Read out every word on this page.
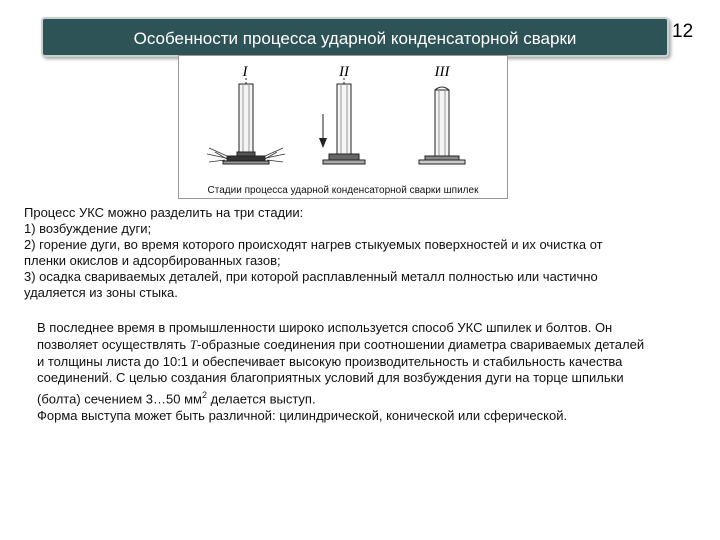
Особенности процесса ударной конденсаторной сварки	12
I	II	III
Стадии процесса ударной конденсаторной сварки шпилек
Процесс УКС можно разделить на три стадии:
1) возбуждение дуги;
2) горение дуги, во время которого происходят нагрев стыкуемых поверхностей и их очистка от
пленки окислов и адсорбированных газов;
3) осадка свариваемых деталей, при которой расплавленный металл полностью или частично
удаляется из зоны стыка.
В последнее время в промышленности широко используется способ УКС шпилек и болтов. Он
позволяет осуществлять Т-образные соединения при соотношении диаметра свариваемых деталей
и толщины листа до 10:1 и обеспечивает высокую производительность и стабильность качества
соединений. С целью создания благоприятных условий для возбуждения дуги на торце шпильки
(болта) сечением 3…50 $мм^2$ делается выступ.
Форма выступа может быть различной: цилиндрической, конической или сферической.
